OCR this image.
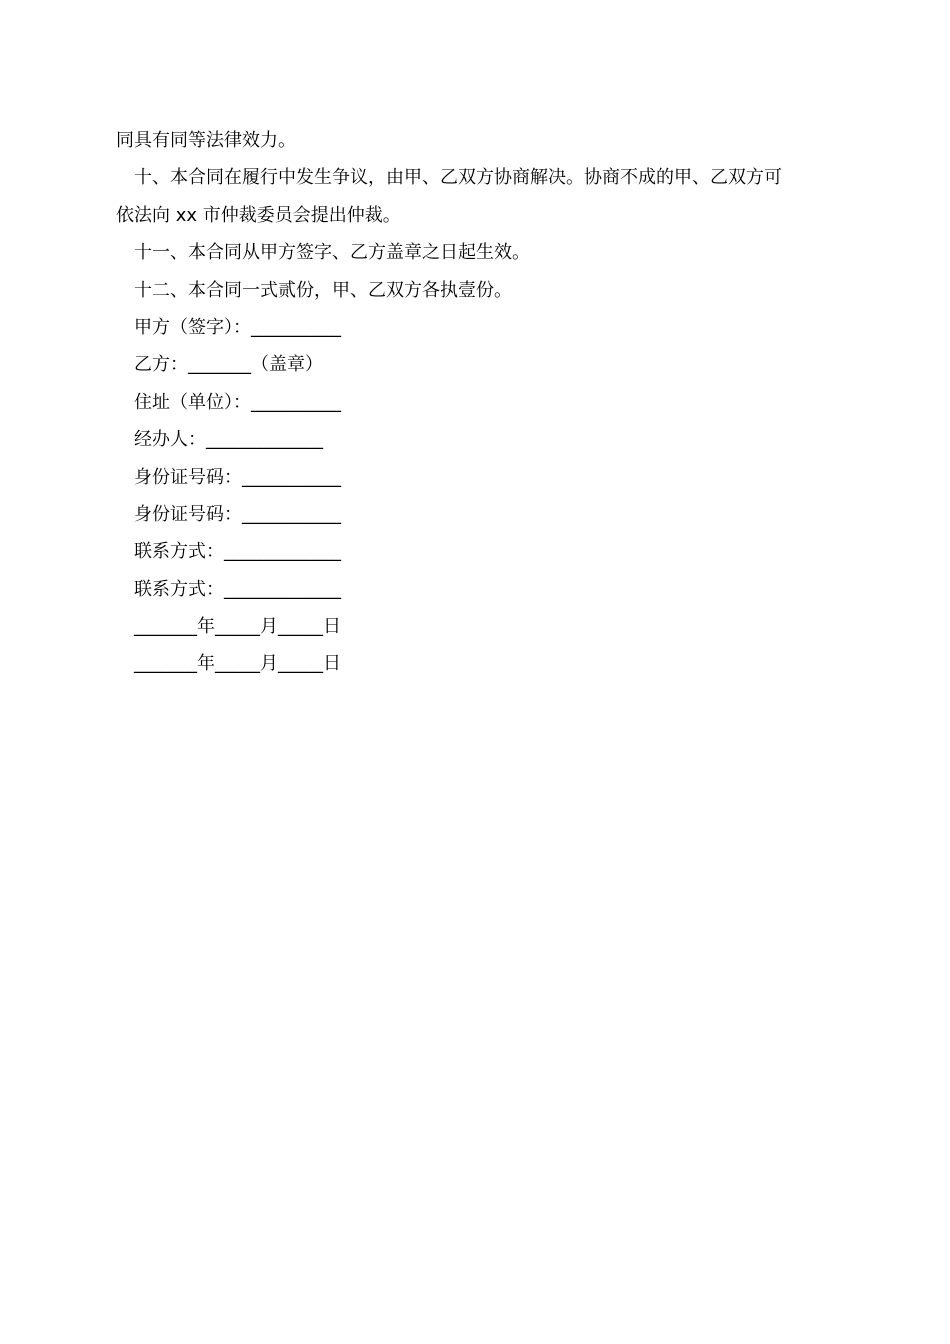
同具有同等法律效力。
十、本合同在履行中发生争议，由甲、乙双方协商解决。协商不成的甲、乙双方可
依法向 xx 市仲裁委员会提出仲裁。
十一、本合同从甲方签字、乙方盖章之日起生效。
十二、本合同一式贰份，甲、乙双方各执壹份。
甲方（签字）：__________
乙方：_______（盖章）
住址（单位）：__________
经办人：_____________
身份证号码：___________
身份证号码：___________
联系方式：_____________
联系方式：_____________
_______年_____月_____日
_______年_____月_____日
